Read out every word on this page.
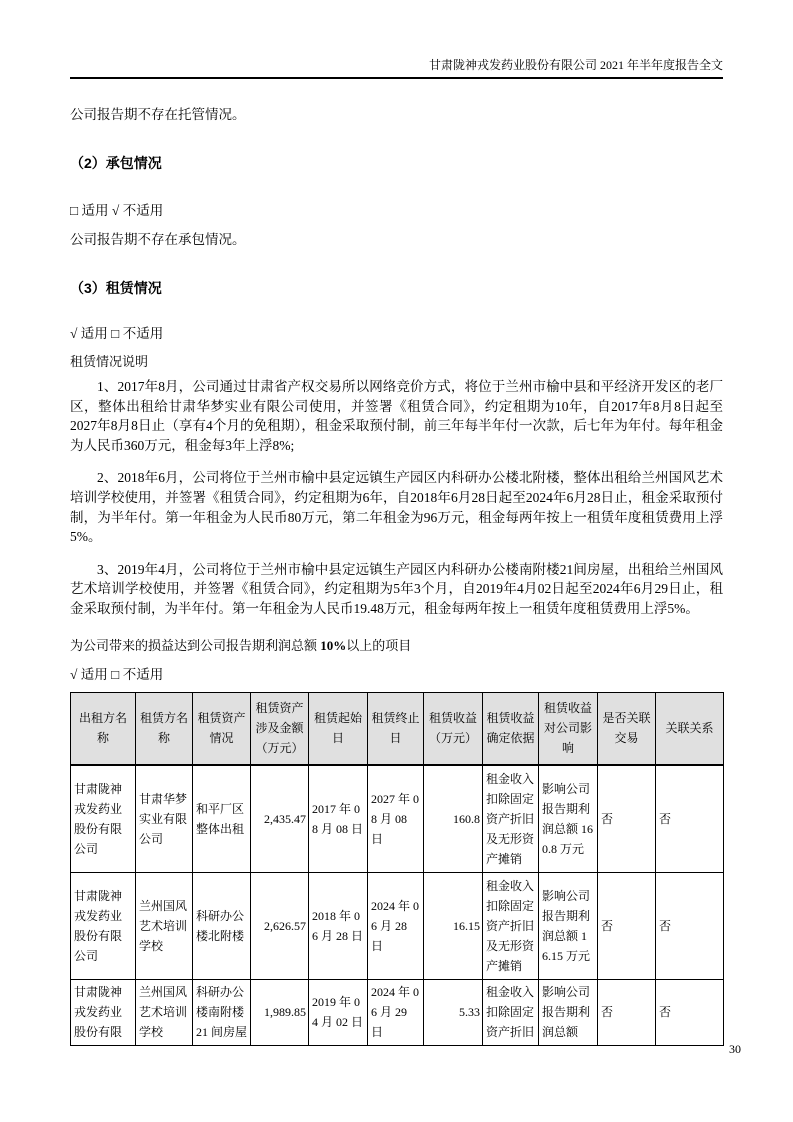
甘肃陇神戎发药业股份有限公司 2021 年半年度报告全文
公司报告期不存在托管情况。
（2）承包情况
□ 适用 √ 不适用
公司报告期不存在承包情况。
（3）租赁情况
√ 适用 □ 不适用
租赁情况说明

1、2017年8月，公司通过甘肃省产权交易所以网络竞价方式，将位于兰州市榆中县和平经济开发区的老厂区，整体出租给甘肃华梦实业有限公司使用，并签署《租赁合同》，约定租期为10年，自2017年8月8日起至2027年8月8日止（享有4个月的免租期），租金采取预付制，前三年每半年付一次款，后七年为年付。每年租金为人民币360万元，租金每3年上浮8%;

2、2018年6月，公司将位于兰州市榆中县定远镇生产园区内科研办公楼北附楼，整体出租给兰州国风艺术培训学校使用，并签署《租赁合同》，约定租期为6年，自2018年6月28日起至2024年6月28日止，租金采取预付制，为半年付。第一年租金为人民币80万元，第二年租金为96万元，租金每两年按上一租赁年度租赁费用上浮5%。

3、2019年4月，公司将位于兰州市榆中县定远镇生产园区内科研办公楼南附楼21间房屋，出租给兰州国风艺术培训学校使用，并签署《租赁合同》，约定租期为5年3个月，自2019年4月02日起至2024年6月29日止，租金采取预付制，为半年付。第一年租金为人民币19.48万元，租金每两年按上一租赁年度租赁费用上浮5%。

为公司带来的损益达到公司报告期利润总额 10%以上的项目
√ 适用 □ 不适用
出租方名称	租赁方名称	租赁资产情况	租赁资产涉及金额（万元）	租赁起始日	租赁终止日	租赁收益（万元）	租赁收益确定依据	租赁收益对公司影响	是否关联交易	关联关系
甘肃陇神戎发药业股份有限公司	甘肃华梦实业有限公司	和平厂区整体出租	2,435.47	2017 年 08 月 08 日	2027 年 08 月 08 日	160.8	租金收入扣除固定资产折旧及无形资产摊销	影响公司报告期利润总额 160.8 万元	否	否
甘肃陇神戎发药业股份有限公司	兰州国风艺术培训学校	科研办公楼北附楼	2,626.57	2018 年 06 月 28 日	2024 年 06 月 28 日	16.15	租金收入扣除固定资产折旧及无形资产摊销	影响公司报告期利润总额 16.15 万元	否	否
甘肃陇神戎发药业股份有限	兰州国风艺术培训学校	科研办公楼南附楼 21 间房屋	1,989.85	2019 年 04 月 02 日	2024 年 06 月 29 日	5.33	租金收入扣除固定资产折旧	影响公司报告期利润总额	否	否
30
